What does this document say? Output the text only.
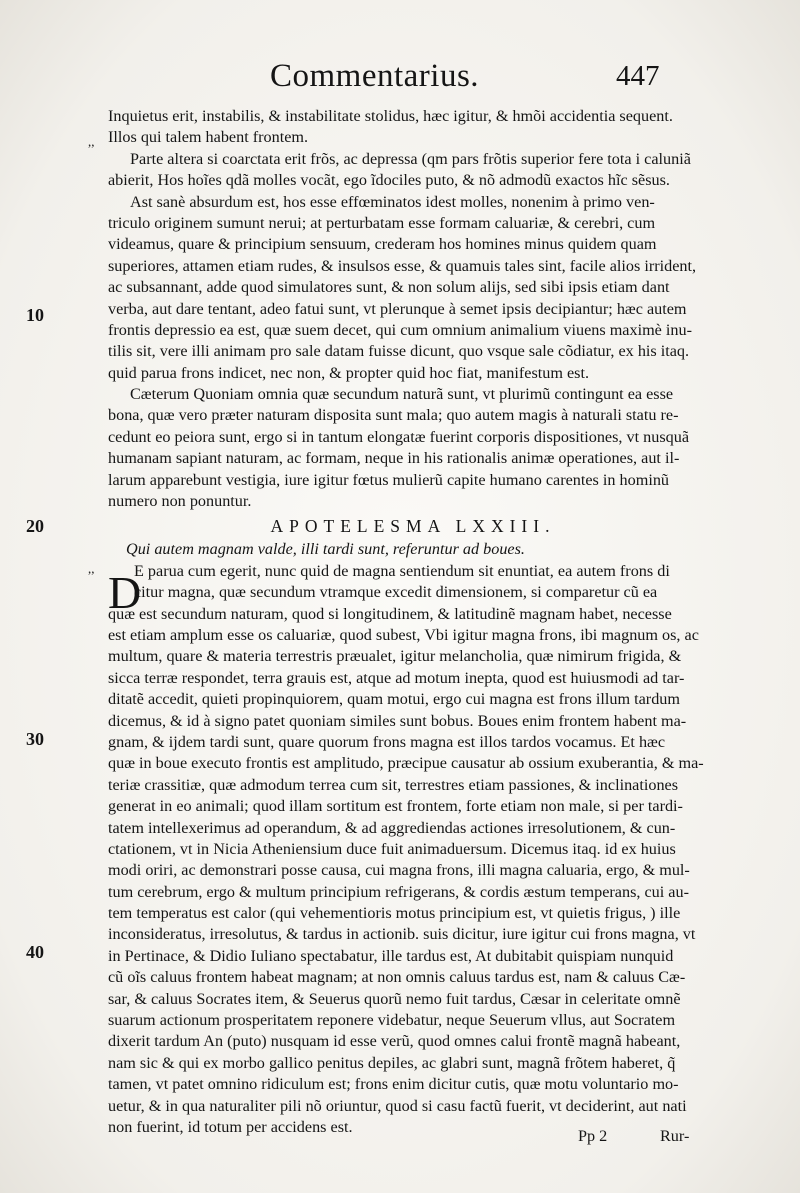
Commentarius.	447
,,
10
20
,,
30
40
D
Inquietus erit, instabilis, & instabilitate stolidus, hæc igitur, & hmõi accidentia sequent.
Illos qui talem habent frontem.
Parte altera si coarctata erit frõs, ac depressa (qm pars frõtis superior fere tota i caluniã
abierit, Hos hoĩes qdã molles vocãt, ego ĩdociles puto, & nõ admodũ exactos hĩc sẽsus.
Ast sanè absurdum est, hos esse effœminatos idest molles, nonenim à primo ven-
triculo originem sumunt nerui; at perturbatam esse formam caluariæ, & cerebri, cum
videamus, quare & principium sensuum, crederam hos homines minus quidem quam
superiores, attamen etiam rudes, & insulsos esse, & quamuis tales sint, facile alios irrident,
ac subsannant, adde quod simulatores sunt, & non solum alijs, sed sibi ipsis etiam dant
verba, aut dare tentant, adeo fatui sunt, vt plerunque à semet ipsis decipiantur; hæc autem
frontis depressio ea est, quæ suem decet, qui cum omnium animalium viuens maximè inu-
tilis sit, vere illi animam pro sale datam fuisse dicunt, quo vsque sale cõdiatur, ex his itaq.
quid parua frons indicet, nec non, & propter quid hoc fiat, manifestum est.
Cæterum Quoniam omnia quæ secundum naturã sunt, vt plurimũ contingunt ea esse
bona, quæ vero præter naturam disposita sunt mala; quo autem magis à naturali statu re-
cedunt eo peiora sunt, ergo si in tantum elongatæ fuerint corporis dispositiones, vt nusquã
humanam sapiant naturam, ac formam, neque in his rationalis animæ operationes, aut il-
larum apparebunt vestigia, iure igitur fœtus mulierũ capite humano carentes in hominũ
numero non ponuntur.
APOTELESMA LXXIII.
Qui autem magnam valde, illi tardi sunt, referuntur ad boues.
E parua cum egerit, nunc quid de magna sentiendum sit enuntiat, ea autem frons di
citur magna, quæ secundum vtramque excedit dimensionem, si comparetur cũ ea
quæ est secundum naturam, quod si longitudinem, & latitudinẽ magnam habet, necesse
est etiam amplum esse os caluariæ, quod subest, Vbi igitur magna frons, ibi magnum os, ac
multum, quare & materia terrestris præualet, igitur melancholia, quæ nimirum frigida, &
sicca terræ respondet, terra grauis est, atque ad motum inepta, quod est huiusmodi ad tar-
ditatẽ accedit, quieti propinquiorem, quam motui, ergo cui magna est frons illum tardum
dicemus, & id à signo patet quoniam similes sunt bobus. Boues enim frontem habent ma-
gnam, & ijdem tardi sunt, quare quorum frons magna est illos tardos vocamus. Et hæc
quæ in boue executo frontis est amplitudo, præcipue causatur ab ossium exuberantia, & ma-
teriæ crassitiæ, quæ admodum terrea cum sit, terrestres etiam passiones, & inclinationes
generat in eo animali; quod illam sortitum est frontem, forte etiam non male, si per tardi-
tatem intellexerimus ad operandum, & ad aggrediendas actiones irresolutionem, & cun-
ctationem, vt in Nicia Atheniensium duce fuit animaduersum. Dicemus itaq. id ex huius
modi oriri, ac demonstrari posse causa, cui magna frons, illi magna caluaria, ergo, & mul-
tum cerebrum, ergo & multum principium refrigerans, & cordis æstum temperans, cui au-
tem temperatus est calor (qui vehementioris motus principium est, vt quietis frigus, ) ille
inconsideratus, irresolutus, & tardus in actionib. suis dicitur, iure igitur cui frons magna, vt
in Pertinace, & Didio Iuliano spectabatur, ille tardus est, At dubitabit quispiam nunquid
cũ oĩs caluus frontem habeat magnam; at non omnis caluus tardus est, nam & caluus Cæ-
sar, & caluus Socrates item, & Seuerus quorũ nemo fuit tardus, Cæsar in celeritate omnẽ
suarum actionum prosperitatem reponere videbatur, neque Seuerum vllus, aut Socratem
dixerit tardum An (puto) nusquam id esse verũ, quod omnes calui frontẽ magnã habeant,
nam sic & qui ex morbo gallico penitus depiles, ac glabri sunt, magnã frõtem haberet, q̃
tamen, vt patet omnino ridiculum est; frons enim dicitur cutis, quæ motu voluntario mo-
uetur, & in qua naturaliter pili nõ oriuntur, quod si casu factũ fuerit, vt deciderint, aut nati
non fuerint, id totum per accidens est.
Pp 2	Rur-
